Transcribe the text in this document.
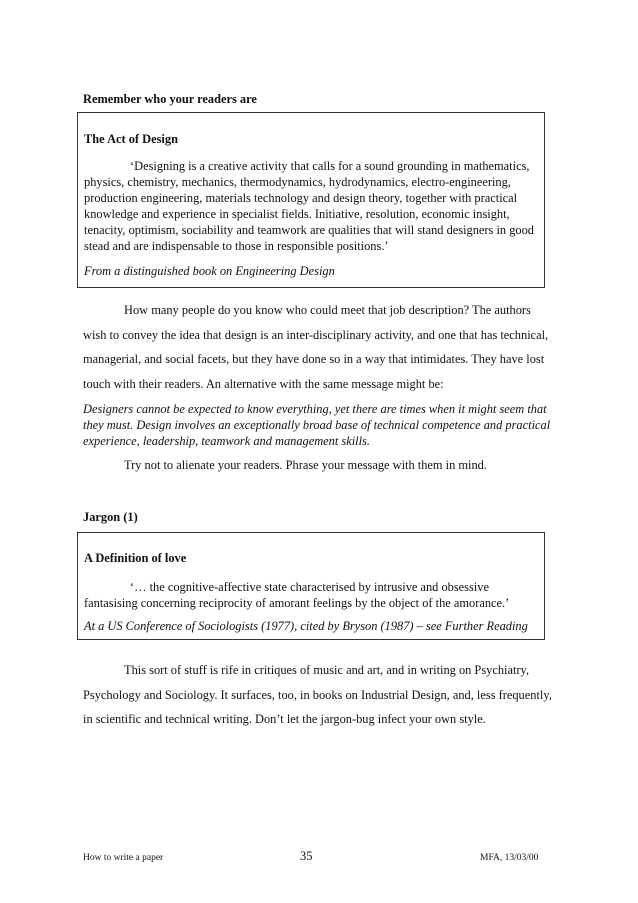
Remember who your readers are

The Act of Design

‘Designing is a creative activity that calls for a sound grounding in mathematics, physics, chemistry, mechanics, thermodynamics, hydrodynamics, electro-engineering, production engineering, materials technology and design theory, together with practical knowledge and experience in specialist fields. Initiative, resolution, economic insight, tenacity, optimism, sociability and teamwork are qualities that will stand designers in good stead and are indispensable to those in responsible positions.’

From a distinguished book on Engineering Design

How many people do you know who could meet that job description? The authors wish to convey the idea that design is an inter-disciplinary activity, and one that has technical, managerial, and social facets, but they have done so in a way that intimidates. They have lost touch with their readers. An alternative with the same message might be:

Designers cannot be expected to know everything, yet there are times when it might seem that they must. Design involves an exceptionally broad base of technical competence and practical experience, leadership, teamwork and management skills.

Try not to alienate your readers. Phrase your message with them in mind.

Jargon (1)

A Definition of love

‘… the cognitive-affective state characterised by intrusive and obsessive fantasising concerning reciprocity of amorant feelings by the object of the amorance.’

At a US Conference of Sociologists (1977), cited by Bryson (1987) – see Further Reading

This sort of stuff is rife in critiques of music and art, and in writing on Psychiatry, Psychology and Sociology. It surfaces, too, in books on Industrial Design, and, less frequently, in scientific and technical writing. Don’t let the jargon-bug infect your own style.

How to write a paper	35	MFA, 13/03/00
